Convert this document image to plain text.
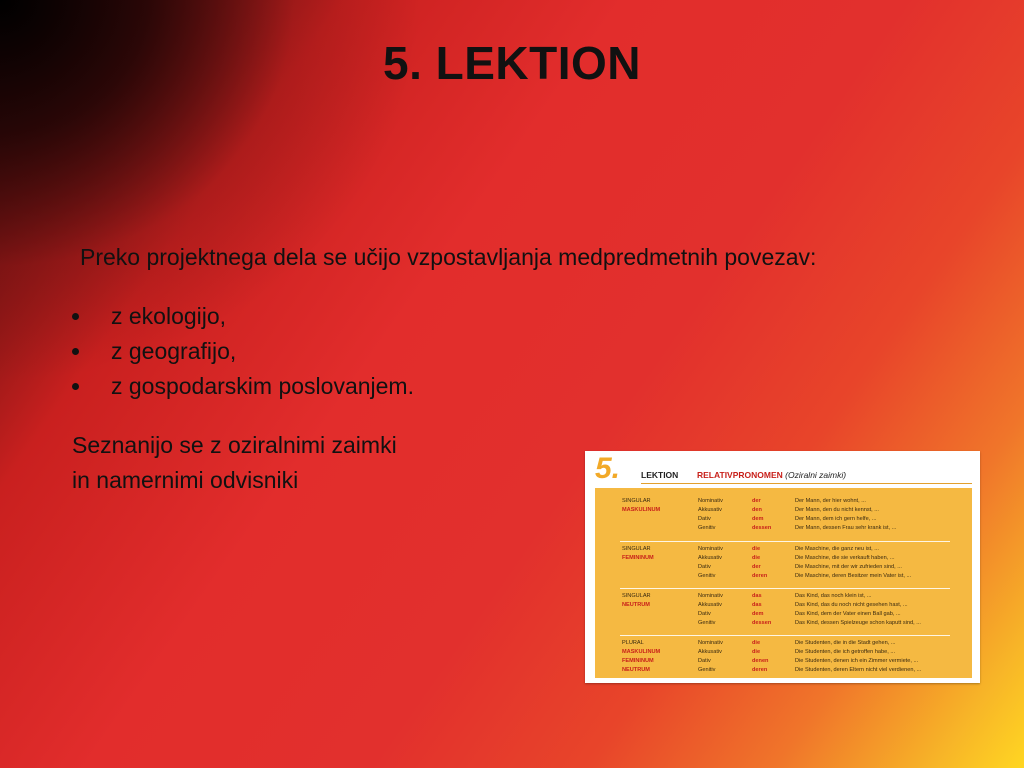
5. LEKTION

Preko projektnega dela se učijo vzpostavljanja medpredmetnih povezav:

z ekologijo,
z geografijo,
z gospodarskim poslovanjem.

Seznanijo se z oziralnimi zaimki
in namernimi odvisniki	5. LEKTION RELATIVPRONOMEN (Oziralni zaimki)
SINGULAR	Nominativ	der	Der Mann, der hier wohnt, ...
MASKULINUM	Akkusativ	den	Der Mann, den du nicht kennst, ...
Dativ	dem	Der Mann, dem ich gern helfe, ...
Genitiv	dessen	Der Mann, dessen Frau sehr krank ist, ...
SINGULAR	Nominativ	die	Die Maschine, die ganz neu ist, ...
FEMININUM	Akkusativ	die	Die Maschine, die sie verkauft haben, ...
Dativ	der	Die Maschine, mit der wir zufrieden sind, ...
Genitiv	deren	Die Maschine, deren Besitzer mein Vater ist, ...
SINGULAR	Nominativ	das	Das Kind, das noch klein ist, ...
NEUTRUM	Akkusativ	das	Das Kind, das du noch nicht gesehen hast, ...
Dativ	dem	Das Kind, dem der Vater einen Ball gab, ...
Genitiv	dessen	Das Kind, dessen Spielzeuge schon kaputt sind, ...
PLURAL	Nominativ	die	Die Studenten, die in die Stadt gehen, ...
MASKULINUM	Akkusativ	die	Die Studenten, die ich getroffen habe, ...
FEMININUM	Dativ	denen	Die Studenten, denen ich ein Zimmer vermiete, ...
NEUTRUM	Genitiv	deren	Die Studenten, deren Eltern nicht viel verdienen, ...
